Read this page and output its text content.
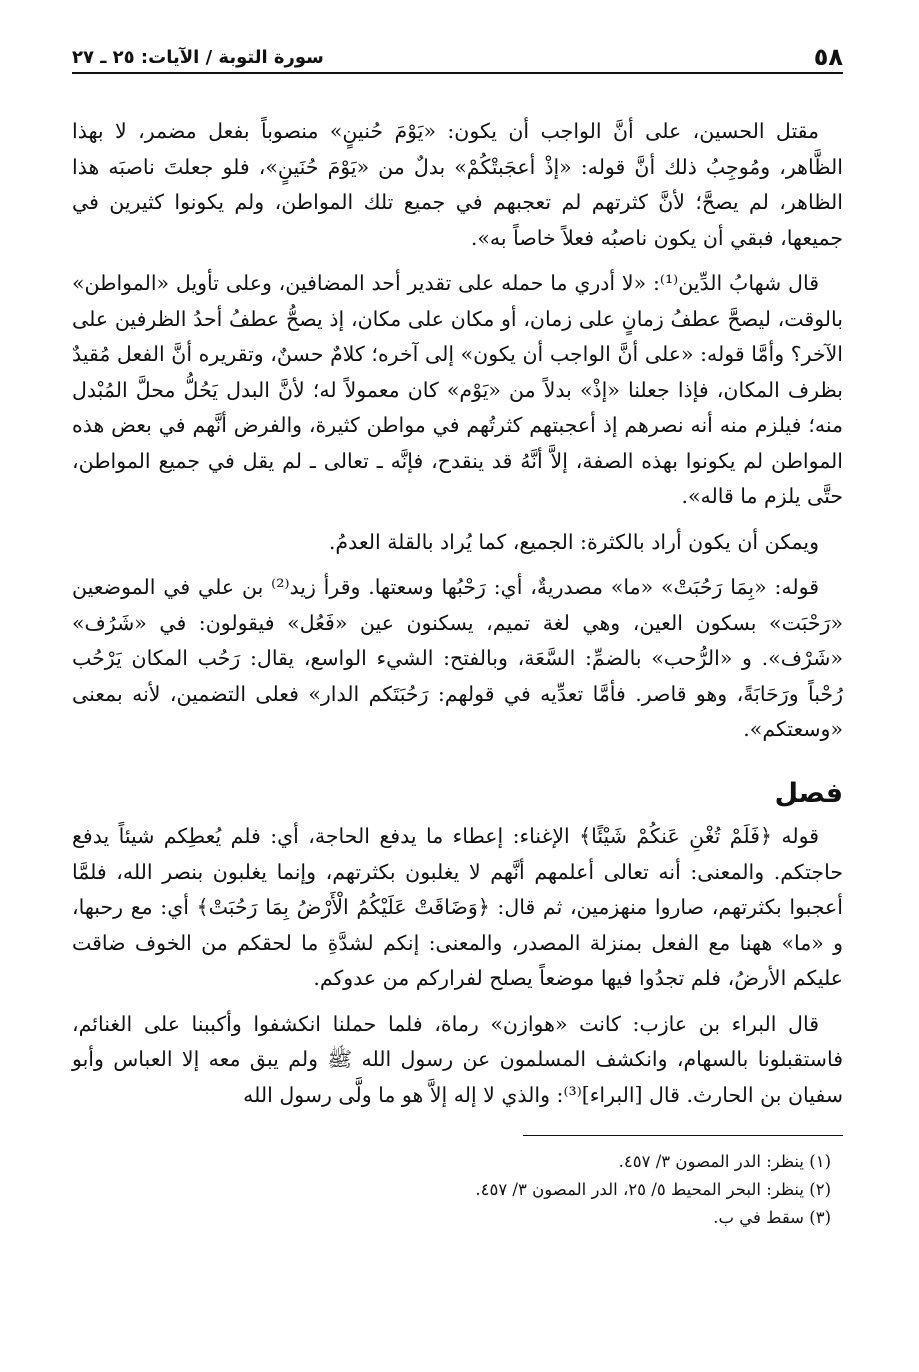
٥٨
سورة التوبة / الآيات: ٢٥ ـ ٢٧

مقتل الحسين، على أنَّ الواجب أن يكون: «يَوْمَ حُنينٍ» منصوباً بفعل مضمر، لا بهذا الظَّاهر، ومُوجِبُ ذلك أنَّ قوله: «إذْ أعجَبتْكُمْ» بدلٌ من «يَوْمَ حُنَينٍ»، فلو جعلتَ ناصبَه هذا الظاهر، لم يصحَّ؛ لأنَّ كثرتهم لم تعجبهم في جميع تلك المواطن، ولم يكونوا كثيرين في جميعها، فبقي أن يكون ناصبُه فعلاً خاصاً به».

قال شهابُ الدِّين⁽¹⁾: «لا أدري ما حمله على تقدير أحد المضافين، وعلى تأويل «المواطن» بالوقت، ليصحَّ عطفُ زمانٍ على زمان، أو مكان على مكان، إذ يصحُّ عطفُ أحدُ الظرفين على الآخر؟ وأمَّا قوله: «على أنَّ الواجب أن يكون» إلى آخره؛ كلامٌ حسنٌ، وتقريره أنَّ الفعل مُقيدٌ بظرف المكان، فإذا جعلنا «إذْ» بدلاً من «يَوْم» كان معمولاً له؛ لأنَّ البدل يَحُلُّ محلَّ المُبْدل منه؛ فيلزم منه أنه نصرهم إذ أعجبتهم كثرتُهم في مواطن كثيرة، والفرض أنَّهم في بعض هذه المواطن لم يكونوا بهذه الصفة، إلاَّ أنَّهُ قد ينقدح، فإنَّه ـ تعالى ـ لم يقل في جميع المواطن، حتَّى يلزم ما قاله».

ويمكن أن يكون أراد بالكثرة: الجميع، كما يُراد بالقلة العدمُ.

قوله: «بِمَا رَحُبَتْ» «ما» مصدريةٌ، أي: رَحْبُها وسعتها. وقرأ زيد⁽²⁾ بن علي في الموضعين «رَحْبَت» بسكون العين، وهي لغة تميم، يسكنون عين «فَعُل» فيقولون: في «شَرُف» «شَرْف». و «الرُّحب» بالضمِّ: السَّعَة، وبالفتح: الشيء الواسع، يقال: رَحُب المكان يَرْحُب رُحْباً ورَحَابَةً، وهو قاصر. فأمَّا تعدِّيه في قولهم: رَحُبَتَكم الدار» فعلى التضمين، لأنه بمعنى «وسعتكم».

فصل

قوله ﴿فَلَمْ تُغْنِ عَنكُمْ شَيْئًا﴾ الإغناء: إعطاء ما يدفع الحاجة، أي: فلم يُعطِكم شيئاً يدفع حاجتكم. والمعنى: أنه تعالى أعلمهم أنَّهم لا يغلبون بكثرتهم، وإنما يغلبون بنصر الله، فلمَّا أعجبوا بكثرتهم، صاروا منهزمين، ثم قال: ﴿وَضَاقَتْ عَلَيْكُمُ الْأَرْضُ بِمَا رَحُبَتْ﴾ أي: مع رحبها، و «ما» ههنا مع الفعل بمنزلة المصدر، والمعنى: إنكم لشدَّةِ ما لحقكم من الخوف ضاقت عليكم الأرضُ، فلم تجدُوا فيها موضعاً يصلح لفراركم من عدوكم.

قال البراء بن عازب: كانت «هوازن» رماة، فلما حملنا انكشفوا وأكببنا على الغنائم، فاستقبلونا بالسهام، وانكشف المسلمون عن رسول الله ﷺ ولم يبق معه إلا العباس وأبو سفيان بن الحارث. قال [البراء]⁽³⁾: والذي لا إله إلاَّ هو ما ولَّى رسول الله

(١) ينظر: الدر المصون ٣/ ٤٥٧.
(٢) ينظر: البحر المحيط ٥/ ٢٥، الدر المصون ٣/ ٤٥٧.
(٣) سقط في ب.
